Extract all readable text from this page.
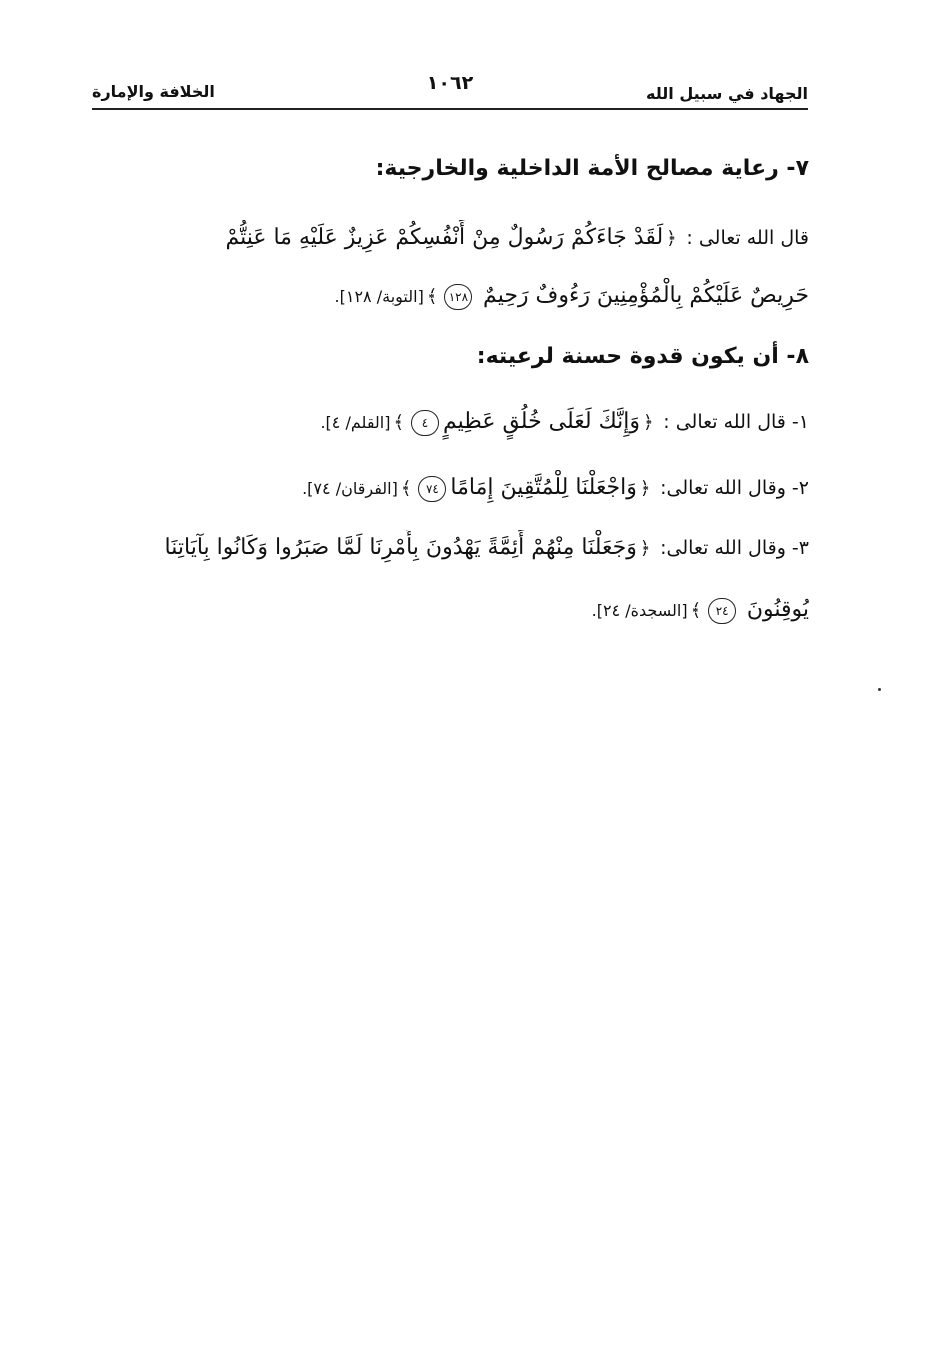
الجهاد في سبيل الله
١٠٦٢
الخلافة والإمارة
٧- رعاية مصالح الأمة الداخلية والخارجية:
قال الله تعالى : ﴿لَقَدْ جَاءَكُمْ رَسُولٌ مِنْ أَنْفُسِكُمْ عَزِيزٌ عَلَيْهِ مَا عَنِتُّمْ
حَرِيصٌ عَلَيْكُمْ بِالْمُؤْمِنِينَ رَءُوفٌ رَحِيمٌ ١٢٨﴾[التوبة/ ١٢٨].
٨- أن يكون قدوة حسنة لرعيته:
١- قال الله تعالى : ﴿وَإِنَّكَ لَعَلَى خُلُقٍ عَظِيمٍ٤﴾[القلم/ ٤].
٢- وقال الله تعالى: ﴿وَاجْعَلْنَا لِلْمُتَّقِينَ إِمَامًا٧٤﴾[الفرقان/ ٧٤].
٣- وقال الله تعالى: ﴿وَجَعَلْنَا مِنْهُمْ أَئِمَّةً يَهْدُونَ بِأَمْرِنَا لَمَّا صَبَرُوا وَكَانُوا بِآيَاتِنَا
يُوقِنُونَ ٢٤﴾[السجدة/ ٢٤].
